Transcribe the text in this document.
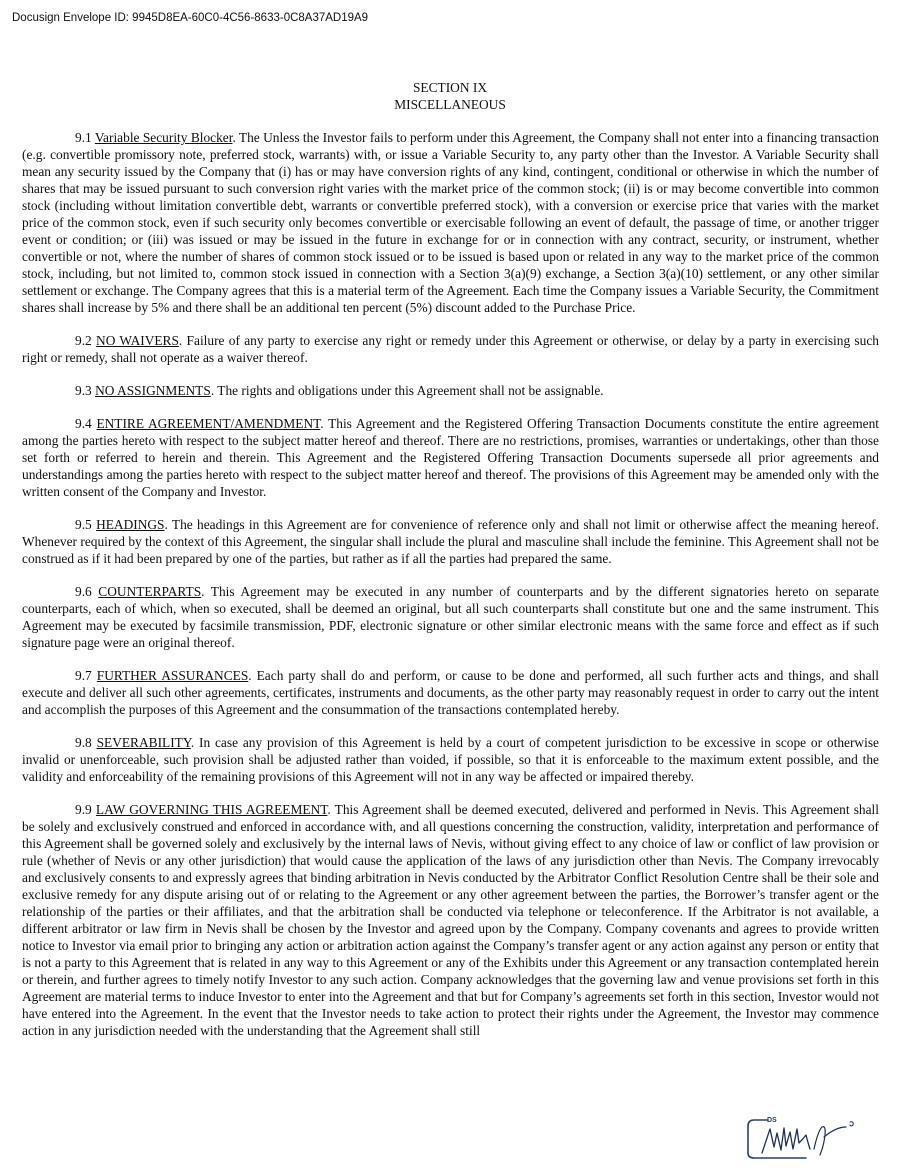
Docusign Envelope ID: 9945D8EA-60C0-4C56-8633-0C8A37AD19A9
SECTION IX
MISCELLANEOUS

9.1 Variable Security Blocker. The Unless the Investor fails to perform under this Agreement, the Company shall not enter into a financing transaction (e.g. convertible promissory note, preferred stock, warrants) with, or issue a Variable Security to, any party other than the Investor. A Variable Security shall mean any security issued by the Company that (i) has or may have conversion rights of any kind, contingent, conditional or otherwise in which the number of shares that may be issued pursuant to such conversion right varies with the market price of the common stock; (ii) is or may become convertible into common stock (including without limitation convertible debt, warrants or convertible preferred stock), with a conversion or exercise price that varies with the market price of the common stock, even if such security only becomes convertible or exercisable following an event of default, the passage of time, or another trigger event or condition; or (iii) was issued or may be issued in the future in exchange for or in connection with any contract, security, or instrument, whether convertible or not, where the number of shares of common stock issued or to be issued is based upon or related in any way to the market price of the common stock, including, but not limited to, common stock issued in connection with a Section 3(a)(9) exchange, a Section 3(a)(10) settlement, or any other similar settlement or exchange. The Company agrees that this is a material term of the Agreement. Each time the Company issues a Variable Security, the Commitment shares shall increase by 5% and there shall be an additional ten percent (5%) discount added to the Purchase Price.

9.2 NO WAIVERS. Failure of any party to exercise any right or remedy under this Agreement or otherwise, or delay by a party in exercising such right or remedy, shall not operate as a waiver thereof.

9.3 NO ASSIGNMENTS. The rights and obligations under this Agreement shall not be assignable.

9.4 ENTIRE AGREEMENT/AMENDMENT. This Agreement and the Registered Offering Transaction Documents constitute the entire agreement among the parties hereto with respect to the subject matter hereof and thereof. There are no restrictions, promises, warranties or undertakings, other than those set forth or referred to herein and therein. This Agreement and the Registered Offering Transaction Documents supersede all prior agreements and understandings among the parties hereto with respect to the subject matter hereof and thereof. The provisions of this Agreement may be amended only with the written consent of the Company and Investor.

9.5 HEADINGS. The headings in this Agreement are for convenience of reference only and shall not limit or otherwise affect the meaning hereof. Whenever required by the context of this Agreement, the singular shall include the plural and masculine shall include the feminine. This Agreement shall not be construed as if it had been prepared by one of the parties, but rather as if all the parties had prepared the same.

9.6 COUNTERPARTS. This Agreement may be executed in any number of counterparts and by the different signatories hereto on separate counterparts, each of which, when so executed, shall be deemed an original, but all such counterparts shall constitute but one and the same instrument. This Agreement may be executed by facsimile transmission, PDF, electronic signature or other similar electronic means with the same force and effect as if such signature page were an original thereof.

9.7 FURTHER ASSURANCES. Each party shall do and perform, or cause to be done and performed, all such further acts and things, and shall execute and deliver all such other agreements, certificates, instruments and documents, as the other party may reasonably request in order to carry out the intent and accomplish the purposes of this Agreement and the consummation of the transactions contemplated hereby.

9.8 SEVERABILITY. In case any provision of this Agreement is held by a court of competent jurisdiction to be excessive in scope or otherwise invalid or unenforceable, such provision shall be adjusted rather than voided, if possible, so that it is enforceable to the maximum extent possible, and the validity and enforceability of the remaining provisions of this Agreement will not in any way be affected or impaired thereby.

9.9 LAW GOVERNING THIS AGREEMENT. This Agreement shall be deemed executed, delivered and performed in Nevis. This Agreement shall be solely and exclusively construed and enforced in accordance with, and all questions concerning the construction, validity, interpretation and performance of this Agreement shall be governed solely and exclusively by the internal laws of Nevis, without giving effect to any choice of law or conflict of law provision or rule (whether of Nevis or any other jurisdiction) that would cause the application of the laws of any jurisdiction other than Nevis. The Company irrevocably and exclusively consents to and expressly agrees that binding arbitration in Nevis conducted by the Arbitrator Conflict Resolution Centre shall be their sole and exclusive remedy for any dispute arising out of or relating to the Agreement or any other agreement between the parties, the Borrower’s transfer agent or the relationship of the parties or their affiliates, and that the arbitration shall be conducted via telephone or teleconference. If the Arbitrator is not available, a different arbitrator or law firm in Nevis shall be chosen by the Investor and agreed upon by the Company. Company covenants and agrees to provide written notice to Investor via email prior to bringing any action or arbitration action against the Company’s transfer agent or any action against any person or entity that is not a party to this Agreement that is related in any way to this Agreement or any of the Exhibits under this Agreement or any transaction contemplated herein or therein, and further agrees to timely notify Investor to any such action. Company acknowledges that the governing law and venue provisions set forth in this Agreement are material terms to induce Investor to enter into the Agreement and that but for Company’s agreements set forth in this section, Investor would not have entered into the Agreement. In the event that the Investor needs to take action to protect their rights under the Agreement, the Investor may commence action in any jurisdiction needed with the understanding that the Agreement shall still

DS
